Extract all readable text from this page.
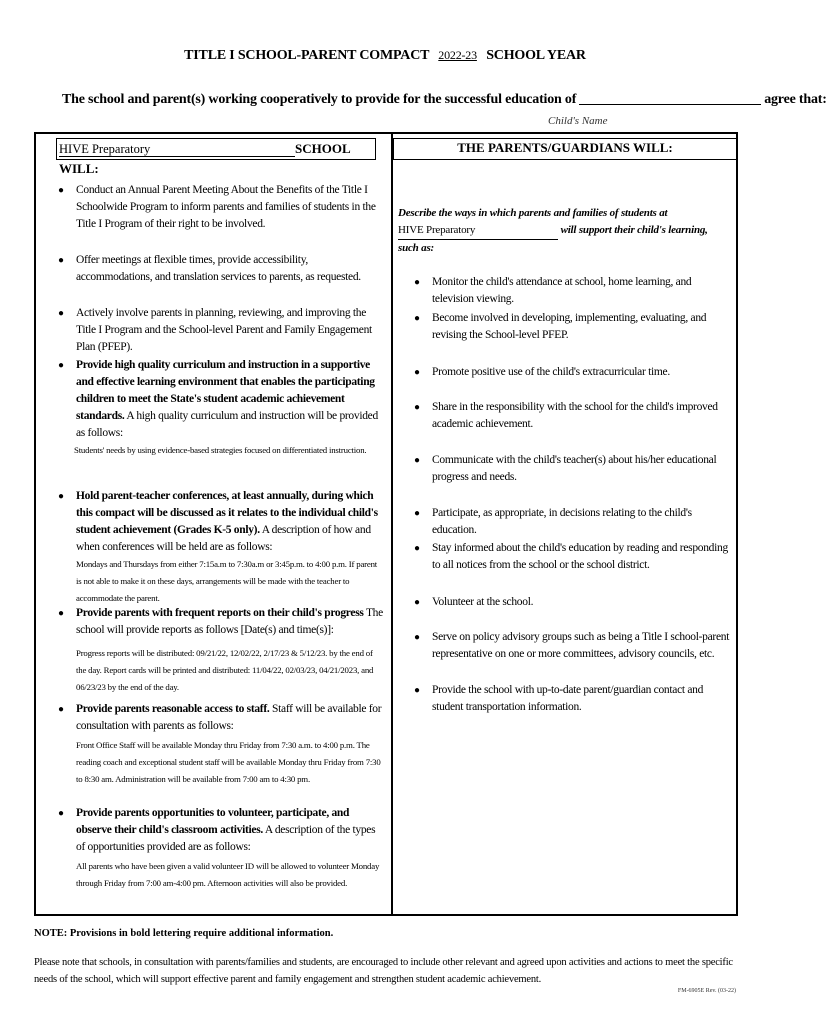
TITLE I SCHOOL-PARENT COMPACT 2022-23 SCHOOL YEAR
The school and parent(s) working cooperatively to provide for the successful education of	agree that:
Child's Name
HIVE Preparatory	SCHOOL WILL:
THE PARENTS/GUARDIANS WILL:
● Conduct an Annual Parent Meeting About the Benefits of the Title I Schoolwide Program to inform parents and families of students in the Title I Program of their right to be involved.
● Offer meetings at flexible times, provide accessibility, accommodations, and translation services to parents, as requested.
● Actively involve parents in planning, reviewing, and improving the Title I Program and the School-level Parent and Family Engagement Plan (PFEP).
● Provide high quality curriculum and instruction in a supportive and effective learning environment that enables the participating children to meet the State's student academic achievement standards. A high quality curriculum and instruction will be provided as follows:
Students' needs by using evidence-based strategies focused on differentiated instruction.
● Hold parent-teacher conferences, at least annually, during which this compact will be discussed as it relates to the individual child's student achievement (Grades K-5 only). A description of how and when conferences will be held are as follows:
Mondays and Thursdays from either 7:15a.m to 7:30a.m or 3:45p.m. to 4:00 p.m. If parent is not able to make it on these days, arrangements will be made with the teacher to accommodate the parent.
● Provide parents with frequent reports on their child's progress The school will provide reports as follows [Date(s) and time(s)]:
Progress reports will be distributed: 09/21/22, 12/02/22, 2/17/23 & 5/12/23. by the end of the day. Report cards will be printed and distributed: 11/04/22, 02/03/23, 04/21/2023, and 06/23/23 by the end of the day.
● Provide parents reasonable access to staff. Staff will be available for consultation with parents as follows:
Front Office Staff will be available Monday thru Friday from 7:30 a.m. to 4:00 p.m. The reading coach and exceptional student staff will be available Monday thru Friday from 7:30 to 8:30 am. Administration will be available from 7:00 am to 4:30 pm.
● Provide parents opportunities to volunteer, participate, and observe their child's classroom activities. A description of the types of opportunities provided are as follows:
All parents who have been given a valid volunteer ID will be allowed to volunteer Monday through Friday from 7:00 am-4:00 pm. Afternoon activities will also be provided.
Describe the ways in which parents and families of students at
HIVE Preparatory	will support their child's learning, such as:
● Monitor the child's attendance at school, home learning, and television viewing.
● Become involved in developing, implementing, evaluating, and revising the School-level PFEP.
● Promote positive use of the child's extracurricular time.
● Share in the responsibility with the school for the child's improved academic achievement.
● Communicate with the child's teacher(s) about his/her educational progress and needs.
● Participate, as appropriate, in decisions relating to the child's education.
● Stay informed about the child's education by reading and responding to all notices from the school or the school district.
● Volunteer at the school.
● Serve on policy advisory groups such as being a Title I school-parent representative on one or more committees, advisory councils, etc.
● Provide the school with up-to-date parent/guardian contact and student transportation information.
NOTE: Provisions in bold lettering require additional information.
Please note that schools, in consultation with parents/families and students, are encouraged to include other relevant and agreed upon activities and actions to meet the specific needs of the school, which will support effective parent and family engagement and strengthen student academic achievement.
FM-6905E Rev. (03-22)
